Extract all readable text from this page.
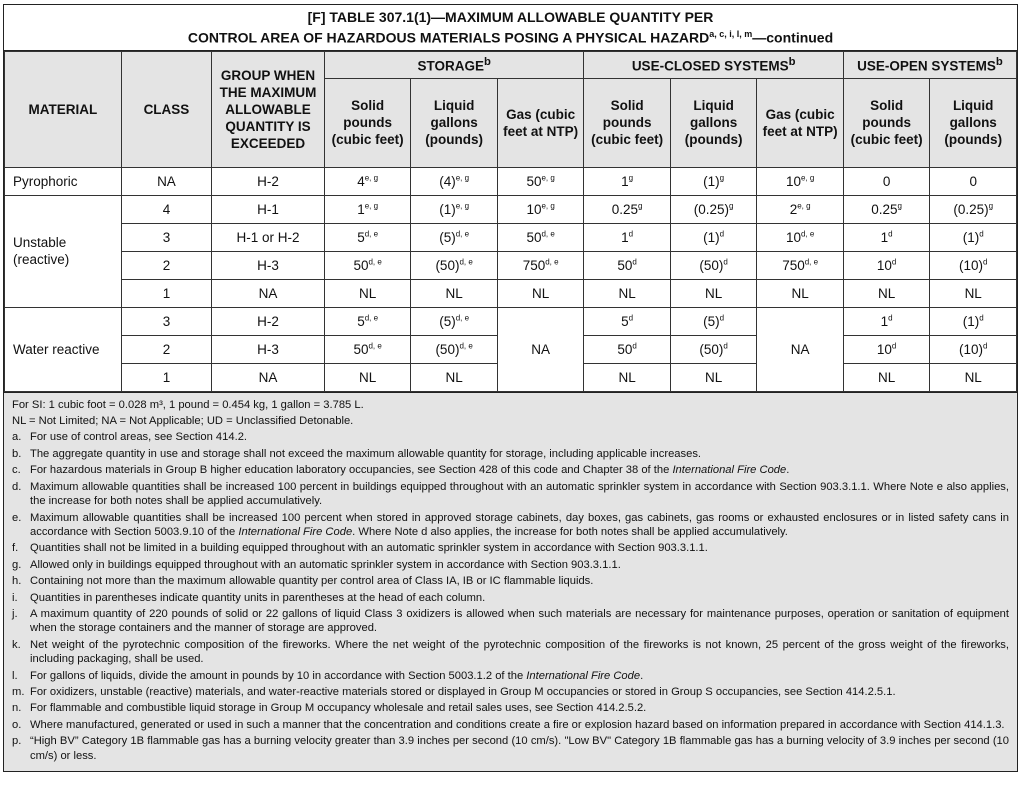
[F] TABLE 307.1(1)—MAXIMUM ALLOWABLE QUANTITY PER
CONTROL AREA OF HAZARDOUS MATERIALS POSING A PHYSICAL HAZARD$^{a, c, i, l, m}$—continued
MATERIAL	CLASS	GROUP WHEN THE MAXIMUM ALLOWABLE QUANTITY IS EXCEEDED	STORAGE$^b$			USE-CLOSED SYSTEMS$^b$			USE-OPEN SYSTEMS$^b$
			Solid pounds (cubic feet)	Liquid gallons (pounds)	Gas (cubic feet at NTP)	Solid pounds (cubic feet)	Liquid gallons (pounds)	Gas (cubic feet at NTP)	Solid pounds (cubic feet)	Liquid gallons (pounds)
Pyrophoric	NA	H-2	4$^{e, g}$	$(4)^{e, g}$	50$^{e, g}$	1$^g$	$(1)^g$	10$^{e, g}$	0	0
Unstable (reactive)	4	H-1	1$^{e, g}$	$(1)^{e, g}$	10$^{e, g}$	0.25$^g$	$(0.25)^g$	2$^{e, g}$	0.25$^g$	$(0.25)^g$
	3	H-1 or H-2	5$^{d, e}$	$(5)^{d, e}$	50$^{d, e}$	1$^d$	$(1)^d$	10$^{d, e}$	1$^d$	$(1)^d$
	2	H-3	50$^{d, e}$	$(50)^{d, e}$	750$^{d, e}$	50$^d$	$(50)^d$	750$^{d, e}$	10$^d$	$(10)^d$
	1	NA	NL	NL	NL	NL	NL	NL	NL	NL
Water reactive	3	H-2	5$^{d, e}$	$(5)^{d, e}$	NA	5$^d$	$(5)^d$	NA	1$^d$	$(1)^d$
	2	H-3	50$^{d, e}$	$(50)^{d, e}$		50$^d$	$(50)^d$		10$^d$	$(10)^d$
	1	NA	NL	NL		NL	NL		NL	NL
For SI: 1 cubic foot = 0.028 m³, 1 pound = 0.454 kg, 1 gallon = 3.785 L.
NL = Not Limited; NA = Not Applicable; UD = Unclassified Detonable.
a. For use of control areas, see Section 414.2.
b. The aggregate quantity in use and storage shall not exceed the maximum allowable quantity for storage, including applicable increases.
c. For hazardous materials in Group B higher education laboratory occupancies, see Section 428 of this code and Chapter 38 of the International Fire Code.
d. Maximum allowable quantities shall be increased 100 percent in buildings equipped throughout with an automatic sprinkler system in accordance with Section 903.3.1.1. Where Note e also applies, the increase for both notes shall be applied accumulatively.
e. Maximum allowable quantities shall be increased 100 percent when stored in approved storage cabinets, day boxes, gas cabinets, gas rooms or exhausted enclosures or in listed safety cans in accordance with Section 5003.9.10 of the International Fire Code. Where Note d also applies, the increase for both notes shall be applied accumulatively.
f.	Quantities shall not be limited in a building equipped throughout with an automatic sprinkler system in accordance with Section 903.3.1.1.
g. Allowed only in buildings equipped throughout with an automatic sprinkler system in accordance with Section 903.3.1.1.
h. Containing not more than the maximum allowable quantity per control area of Class IA, IB or IC flammable liquids.
i.	Quantities in parentheses indicate quantity units in parentheses at the head of each column.
j.	A maximum quantity of 220 pounds of solid or 22 gallons of liquid Class 3 oxidizers is allowed when such materials are necessary for maintenance purposes, operation or sanitation of equipment when the storage containers and the manner of storage are approved.
k. Net weight of the pyrotechnic composition of the fireworks. Where the net weight of the pyrotechnic composition of the fireworks is not known, 25 percent of the gross weight of the fireworks, including packaging, shall be used.
l.	For gallons of liquids, divide the amount in pounds by 10 in accordance with Section 5003.1.2 of the International Fire Code.
m. For oxidizers, unstable (reactive) materials, and water-reactive materials stored or displayed in Group M occupancies or stored in Group S occupancies, see Section 414.2.5.1.
n. For flammable and combustible liquid storage in Group M occupancy wholesale and retail sales uses, see Section 414.2.5.2.
o. Where manufactured, generated or used in such a manner that the concentration and conditions create a fire or explosion hazard based on information prepared in accordance with Section 414.1.3.
p. “High BV” Category 1B flammable gas has a burning velocity greater than 3.9 inches per second (10 cm/s). "Low BV" Category 1B flammable gas has a burning velocity of 3.9 inches per second (10 cm/s) or less.
